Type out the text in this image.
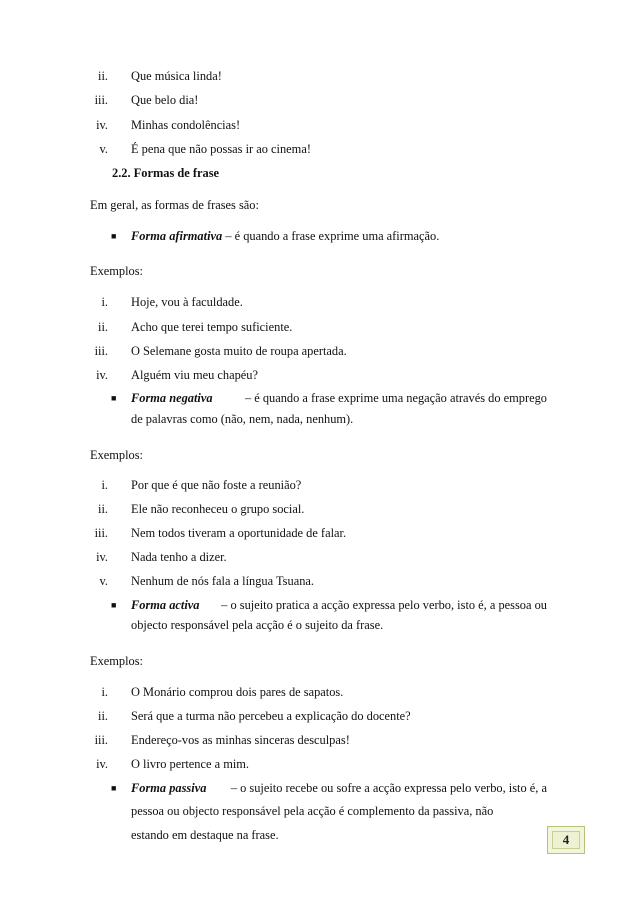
ii. Que música linda!
iii. Que belo dia!
iv. Minhas condolências!
v. É pena que não possas ir ao cinema!
2.2. Formas de frase
Em geral, as formas de frases são:
■ Forma afirmativa – é quando a frase exprime uma afirmação.
Exemplos:
i. Hoje, vou à faculdade.
ii. Acho que terei tempo suficiente.
iii. O Selemane gosta muito de roupa apertada.
iv. Alguém viu meu chapéu?
■ Forma negativa	– é quando a frase exprime uma negação através do emprego
de palavras como (não, nem, nada, nenhum).
Exemplos:
i. Por que é que não foste a reunião?
ii. Ele não reconheceu o grupo social.
iii. Nem todos tiveram a oportunidade de falar.
iv. Nada tenho a dizer.
v. Nenhum de nós fala a língua Tsuana.
■ Forma activa – o sujeito pratica a acção expressa pelo verbo, isto é, a pessoa ou
objecto responsável pela acção é o sujeito da frase.
Exemplos:
i. O Monário comprou dois pares de sapatos.
ii. Será que a turma não percebeu a explicação do docente?
iii. Endereço-vos as minhas sinceras desculpas!
iv. O livro pertence a mim.
■ Forma passiva – o sujeito recebe ou sofre a acção expressa pelo verbo, isto é, a
pessoa ou objecto responsável pela acção é complemento da passiva, não
estando em destaque na frase.	4
